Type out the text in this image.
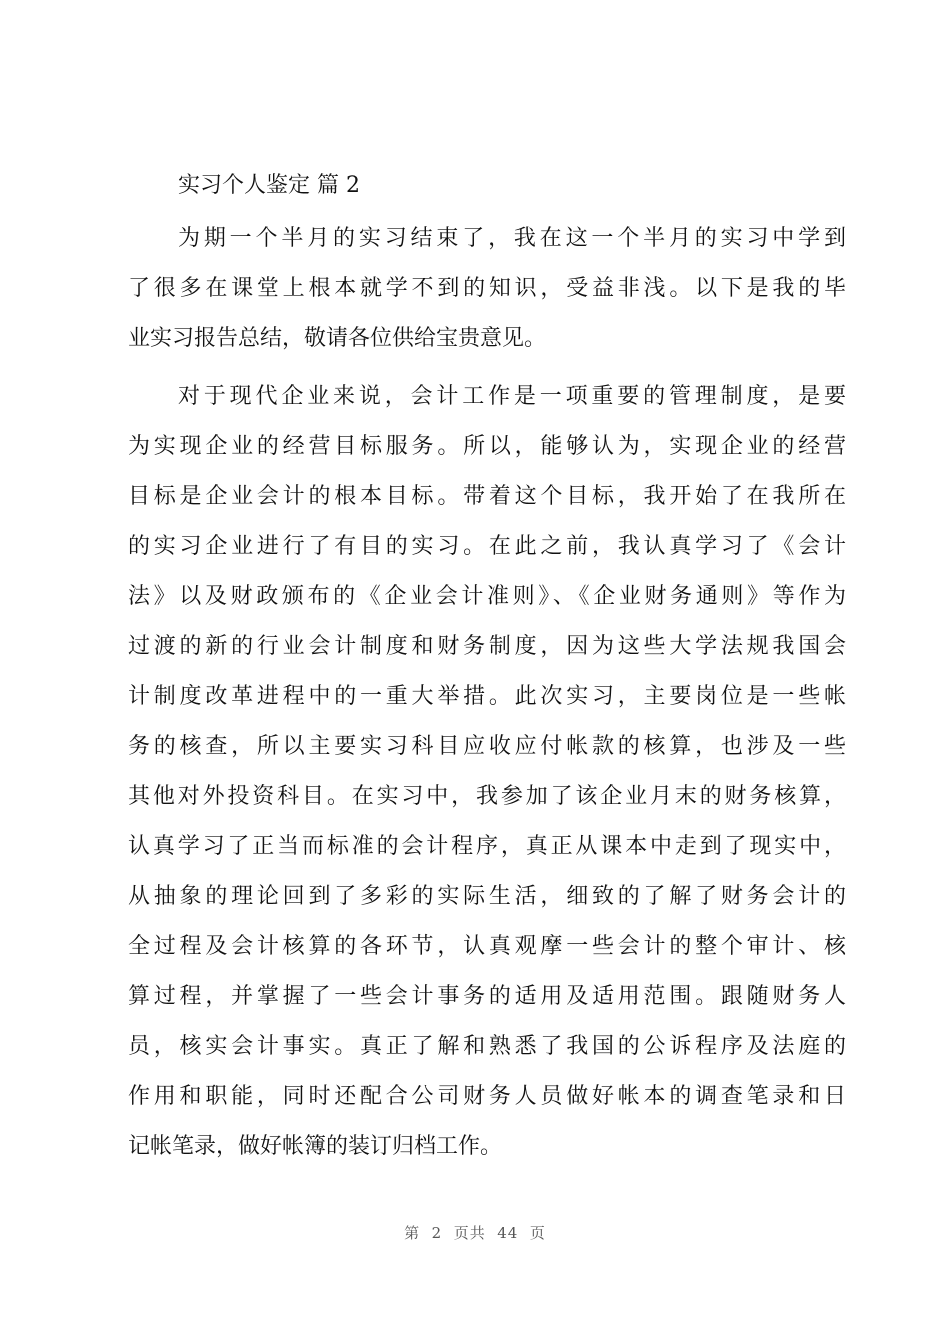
实习个人鉴定 篇 2
为期一个半月的实习结束了，我在这一个半月的实习中学到
了很多在课堂上根本就学不到的知识，受益非浅。以下是我的毕
业实习报告总结，敬请各位供给宝贵意见。
对于现代企业来说，会计工作是一项重要的管理制度，是要
为实现企业的经营目标服务。所以，能够认为，实现企业的经营
目标是企业会计的根本目标。带着这个目标，我开始了在我所在
的实习企业进行了有目的实习。在此之前，我认真学习了《会计
法》以及财政颁布的《企业会计准则》、《企业财务通则》等作为
过渡的新的行业会计制度和财务制度，因为这些大学法规我国会
计制度改革进程中的一重大举措。此次实习，主要岗位是一些帐
务的核查，所以主要实习科目应收应付帐款的核算，也涉及一些
其他对外投资科目。在实习中，我参加了该企业月末的财务核算，
认真学习了正当而标准的会计程序，真正从课本中走到了现实中，
从抽象的理论回到了多彩的实际生活，细致的了解了财务会计的
全过程及会计核算的各环节，认真观摩一些会计的整个审计、核
算过程，并掌握了一些会计事务的适用及适用范围。跟随财务人
员，核实会计事实。真正了解和熟悉了我国的公诉程序及法庭的
作用和职能，同时还配合公司财务人员做好帐本的调查笔录和日
记帐笔录，做好帐簿的装订归档工作。
第  2  页共  44  页
